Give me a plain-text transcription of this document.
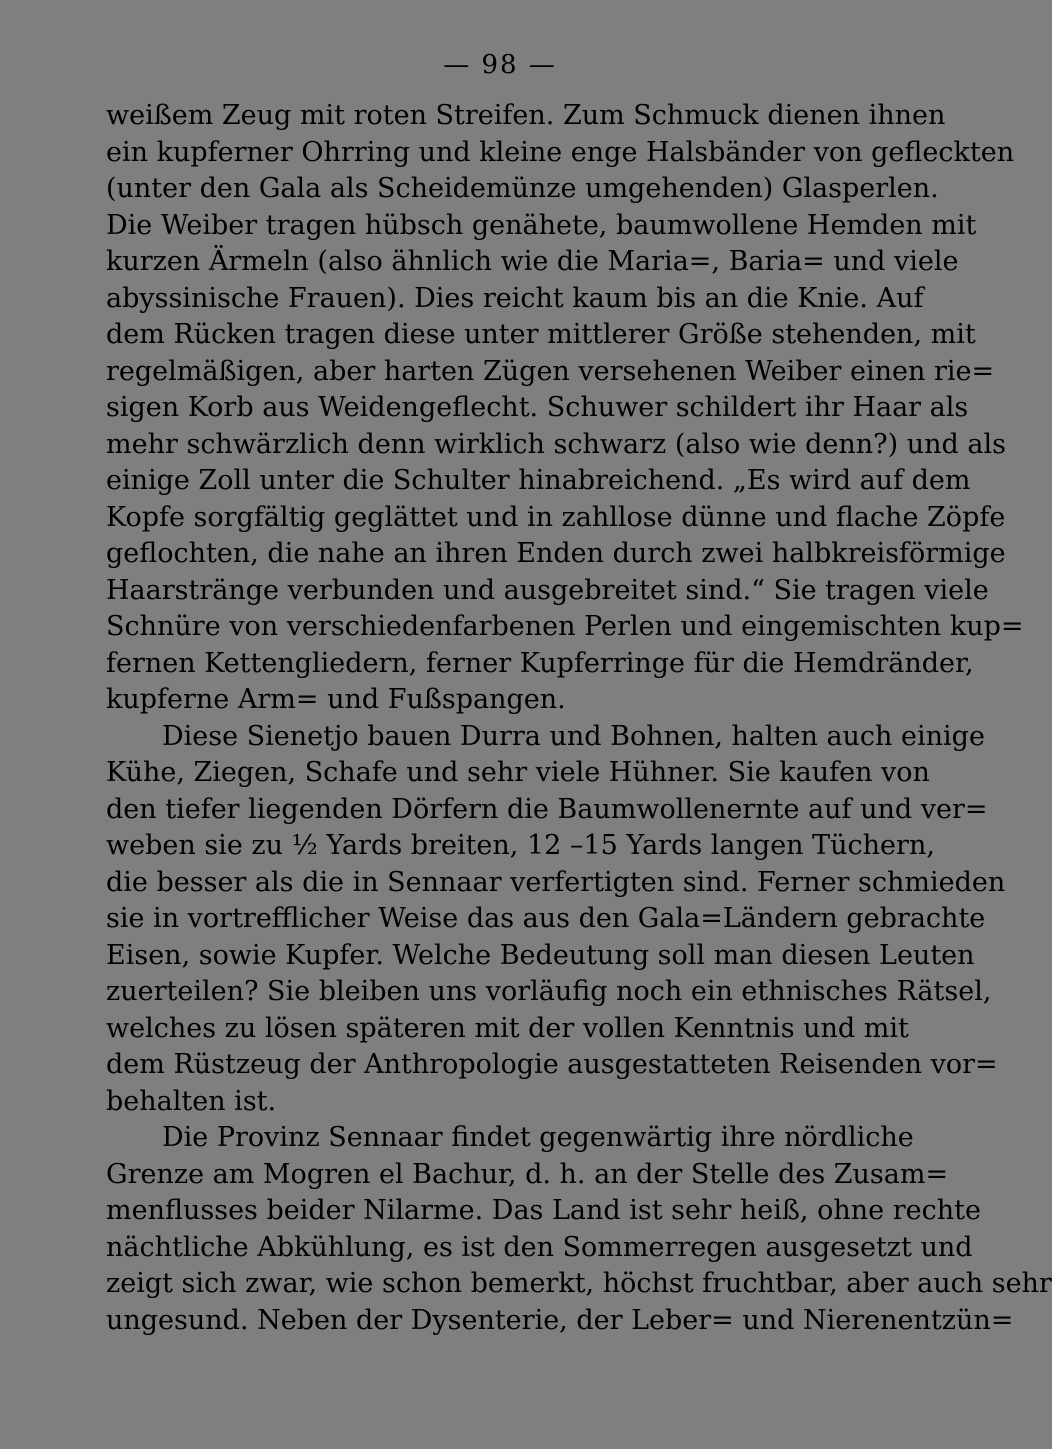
— 98 —
weißem Zeug mit roten Streifen. Zum Schmuck dienen ihnen
ein kupferner Ohrring und kleine enge Halsbänder von gefleckten
(unter den Gala als Scheidemünze umgehenden) Glasperlen.
Die Weiber tragen hübsch genähete, baumwollene Hemden mit
kurzen Ärmeln (also ähnlich wie die Maria=, Baria= und viele
abyssinische Frauen). Dies reicht kaum bis an die Knie. Auf
dem Rücken tragen diese unter mittlerer Größe stehenden, mit
regelmäßigen, aber harten Zügen versehenen Weiber einen rie=
sigen Korb aus Weidengeflecht. Schuwer schildert ihr Haar als
mehr schwärzlich denn wirklich schwarz (also wie denn?) und als
einige Zoll unter die Schulter hinabreichend. „Es wird auf dem
Kopfe sorgfältig geglättet und in zahllose dünne und flache Zöpfe
geflochten, die nahe an ihren Enden durch zwei halbkreisförmige
Haarstränge verbunden und ausgebreitet sind.“ Sie tragen viele
Schnüre von verschiedenfarbenen Perlen und eingemischten kup=
fernen Kettengliedern, ferner Kupferringe für die Hemdränder,
kupferne Arm= und Fußspangen.
Diese Sienetjo bauen Durra und Bohnen, halten auch einige
Kühe, Ziegen, Schafe und sehr viele Hühner. Sie kaufen von
den tiefer liegenden Dörfern die Baumwollenernte auf und ver=
weben sie zu ½ Yards breiten, 12 –15 Yards langen Tüchern,
die besser als die in Sennaar verfertigten sind. Ferner schmieden
sie in vortrefflicher Weise das aus den Gala=Ländern gebrachte
Eisen, sowie Kupfer. Welche Bedeutung soll man diesen Leuten
zuerteilen? Sie bleiben uns vorläufig noch ein ethnisches Rätsel,
welches zu lösen späteren mit der vollen Kenntnis und mit
dem Rüstzeug der Anthropologie ausgestatteten Reisenden vor=
behalten ist.
Die Provinz Sennaar findet gegenwärtig ihre nördliche
Grenze am Mogren el Bachur, d. h. an der Stelle des Zusam=
menflusses beider Nilarme. Das Land ist sehr heiß, ohne rechte
nächtliche Abkühlung, es ist den Sommerregen ausgesetzt und
zeigt sich zwar, wie schon bemerkt, höchst fruchtbar, aber auch sehr
ungesund. Neben der Dysenterie, der Leber= und Nierenentzün=
